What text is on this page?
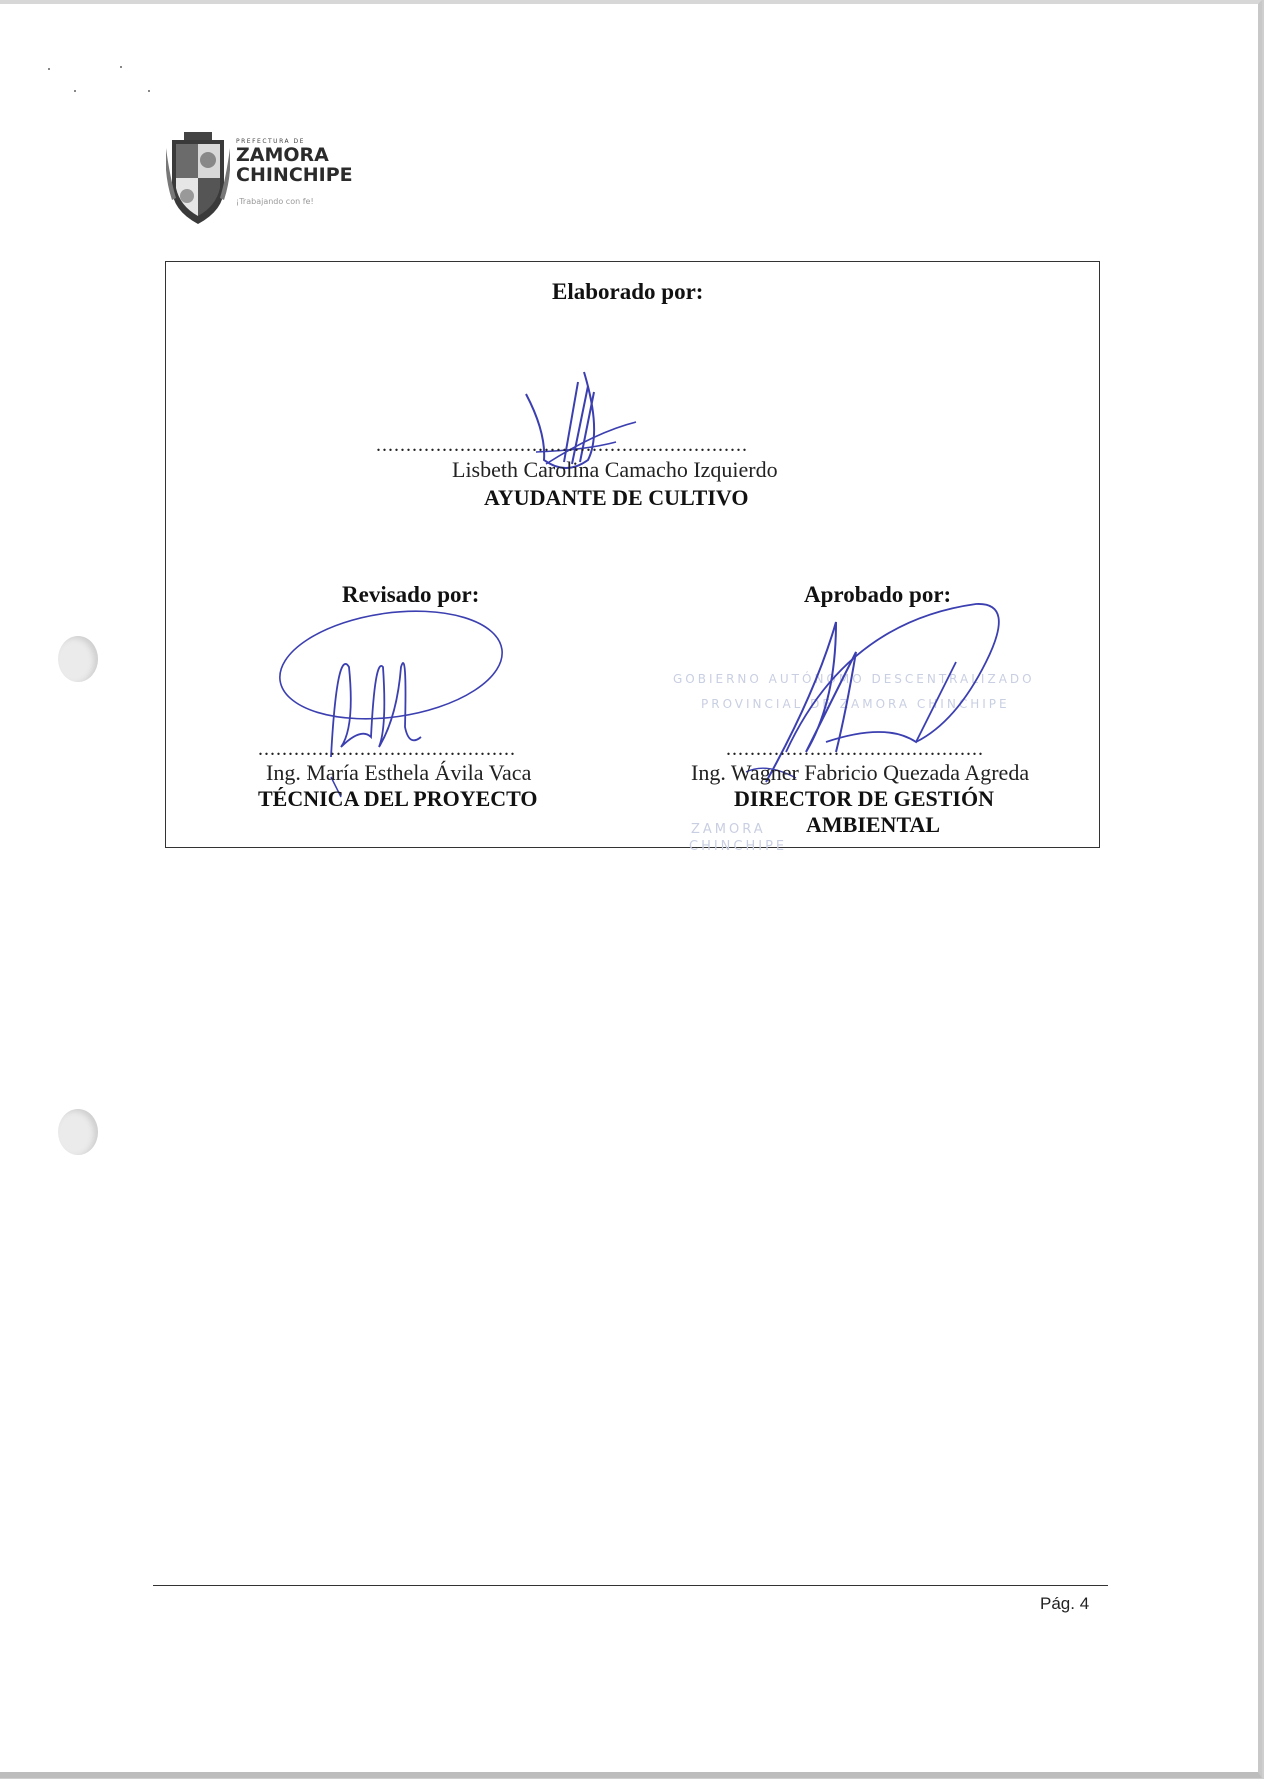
PREFECTURA DE
ZAMORA
CHINCHIPE
¡Trabajando con fe!
GOBIERNO AUTÓNOMO DESCENTRALIZADO
PROVINCIAL DE ZAMORA CHINCHIPE
ZAMORA
CHINCHIPE
Elaborado por:
..............................................................
Lisbeth Carolina Camacho Izquierdo
AYUDANTE DE CULTIVO
Revisado por:
...........................................
Ing. María Esthela Ávila Vaca
TÉCNICA DEL PROYECTO
Aprobado por:
...........................................
Ing. Wagner Fabricio Quezada Agreda
DIRECTOR DE GESTIÓN
AMBIENTAL
Pág. 4
